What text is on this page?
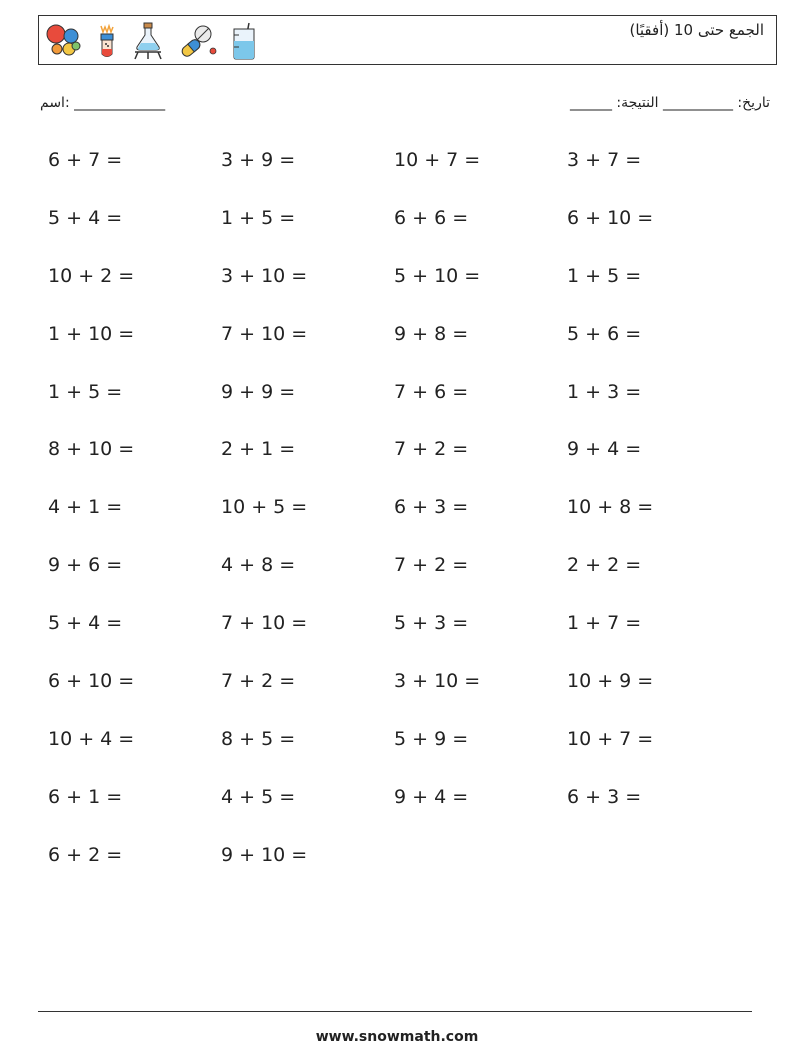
الجمع حتى 10 (أفقيًا)
اسم: _____________	______ :تاريخ: __________ النتيجة
6 + 7 =	3 + 9 =	10 + 7 =	3 + 7 =
5 + 4 =	1 + 5 =	6 + 6 =	6 + 10 =
10 + 2 =	3 + 10 =	5 + 10 =	1 + 5 =
1 + 10 =	7 + 10 =	9 + 8 =	5 + 6 =
1 + 5 =	9 + 9 =	7 + 6 =	1 + 3 =
8 + 10 =	2 + 1 =	7 + 2 =	9 + 4 =
4 + 1 =	10 + 5 =	6 + 3 =	10 + 8 =
9 + 6 =	4 + 8 =	7 + 2 =	2 + 2 =
5 + 4 =	7 + 10 =	5 + 3 =	1 + 7 =
6 + 10 =	7 + 2 =	3 + 10 =	10 + 9 =
10 + 4 =	8 + 5 =	5 + 9 =	10 + 7 =
6 + 1 =	4 + 5 =	9 + 4 =	6 + 3 =
6 + 2 =	9 + 10 =
www.snowmath.com
